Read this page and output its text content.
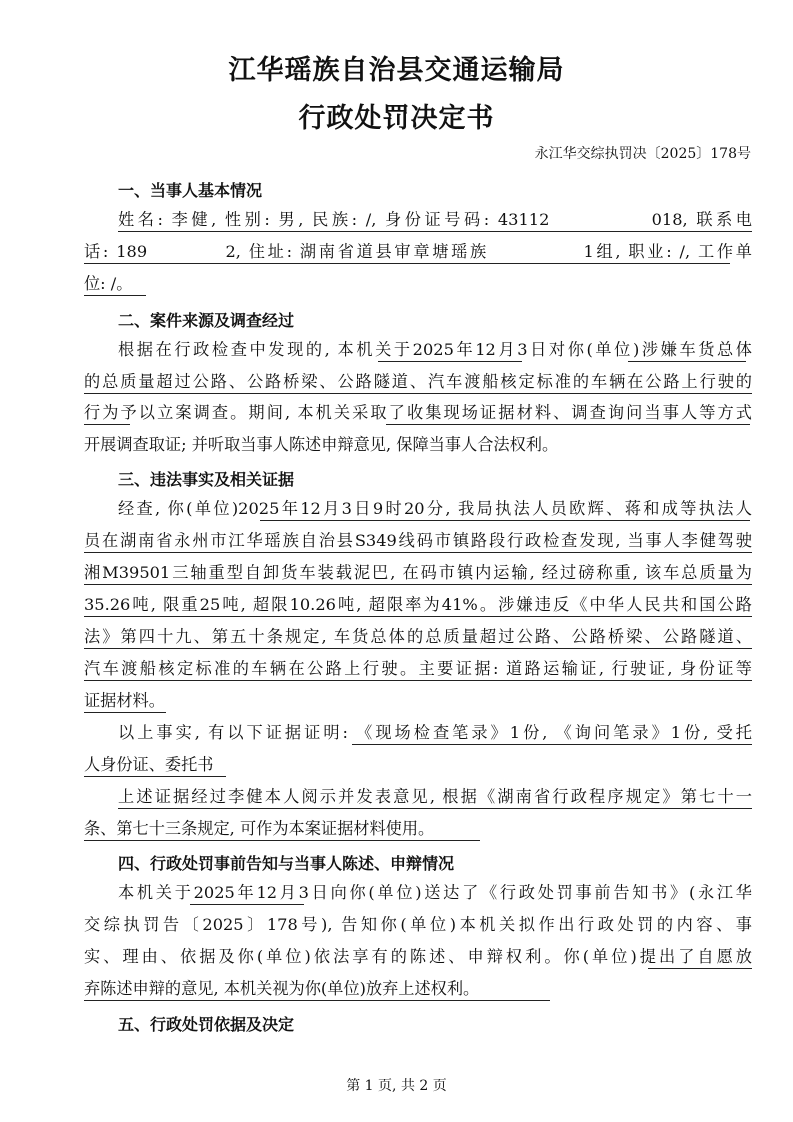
江华瑶族自治县交通运输局
行政处罚决定书
永江华交综执罚决〔2025〕178号
一、当事人基本情况
姓名: 李健, 性别: 男, 民族: /, 身份证号码: 43112　　　　　018, 联系电
话: 189　　　　2, 住址: 湖南省道县审章塘瑶族　　　　　1组, 职业: /, 工作单
位: /。
二、案件来源及调查经过
根据在行政检查中发现的, 本机关于2025年12月3日对你(单位)涉嫌车货总体
的总质量超过公路、公路桥梁、公路隧道、汽车渡船核定标准的车辆在公路上行驶的
行为予以立案调查。期间, 本机关采取了收集现场证据材料、调查询问当事人等方式
开展调查取证; 并听取当事人陈述申辩意见, 保障当事人合法权利。
三、违法事实及相关证据
经查, 你(单位)2025年12月3日9时20分, 我局执法人员欧辉、蒋和成等执法人
员在湖南省永州市江华瑶族自治县S349线码市镇路段行政检查发现, 当事人李健驾驶
湘M39501三轴重型自卸货车装载泥巴, 在码市镇内运输, 经过磅称重, 该车总质量为
35.26吨, 限重25吨, 超限10.26吨, 超限率为41%。涉嫌违反《中华人民共和国公路
法》第四十九、第五十条规定, 车货总体的总质量超过公路、公路桥梁、公路隧道、
汽车渡船核定标准的车辆在公路上行驶。主要证据: 道路运输证, 行驶证, 身份证等
证据材料。
以上事实, 有以下证据证明: 《现场检查笔录》1份, 《询问笔录》1份, 受托
人身份证、委托书
上述证据经过李健本人阅示并发表意见, 根据《湖南省行政程序规定》第七十一
条、第七十三条规定, 可作为本案证据材料使用。
四、行政处罚事前告知与当事人陈述、申辩情况
本机关于2025年12月3日向你(单位)送达了《行政处罚事前告知书》(永江华
交综执罚告〔2025〕178号), 告知你(单位)本机关拟作出行政处罚的内容、事
实、理由、依据及你(单位)依法享有的陈述、申辩权利。你(单位)提出了自愿放
弃陈述申辩的意见, 本机关视为你(单位)放弃上述权利。
五、行政处罚依据及决定
第 1 页, 共 2 页
